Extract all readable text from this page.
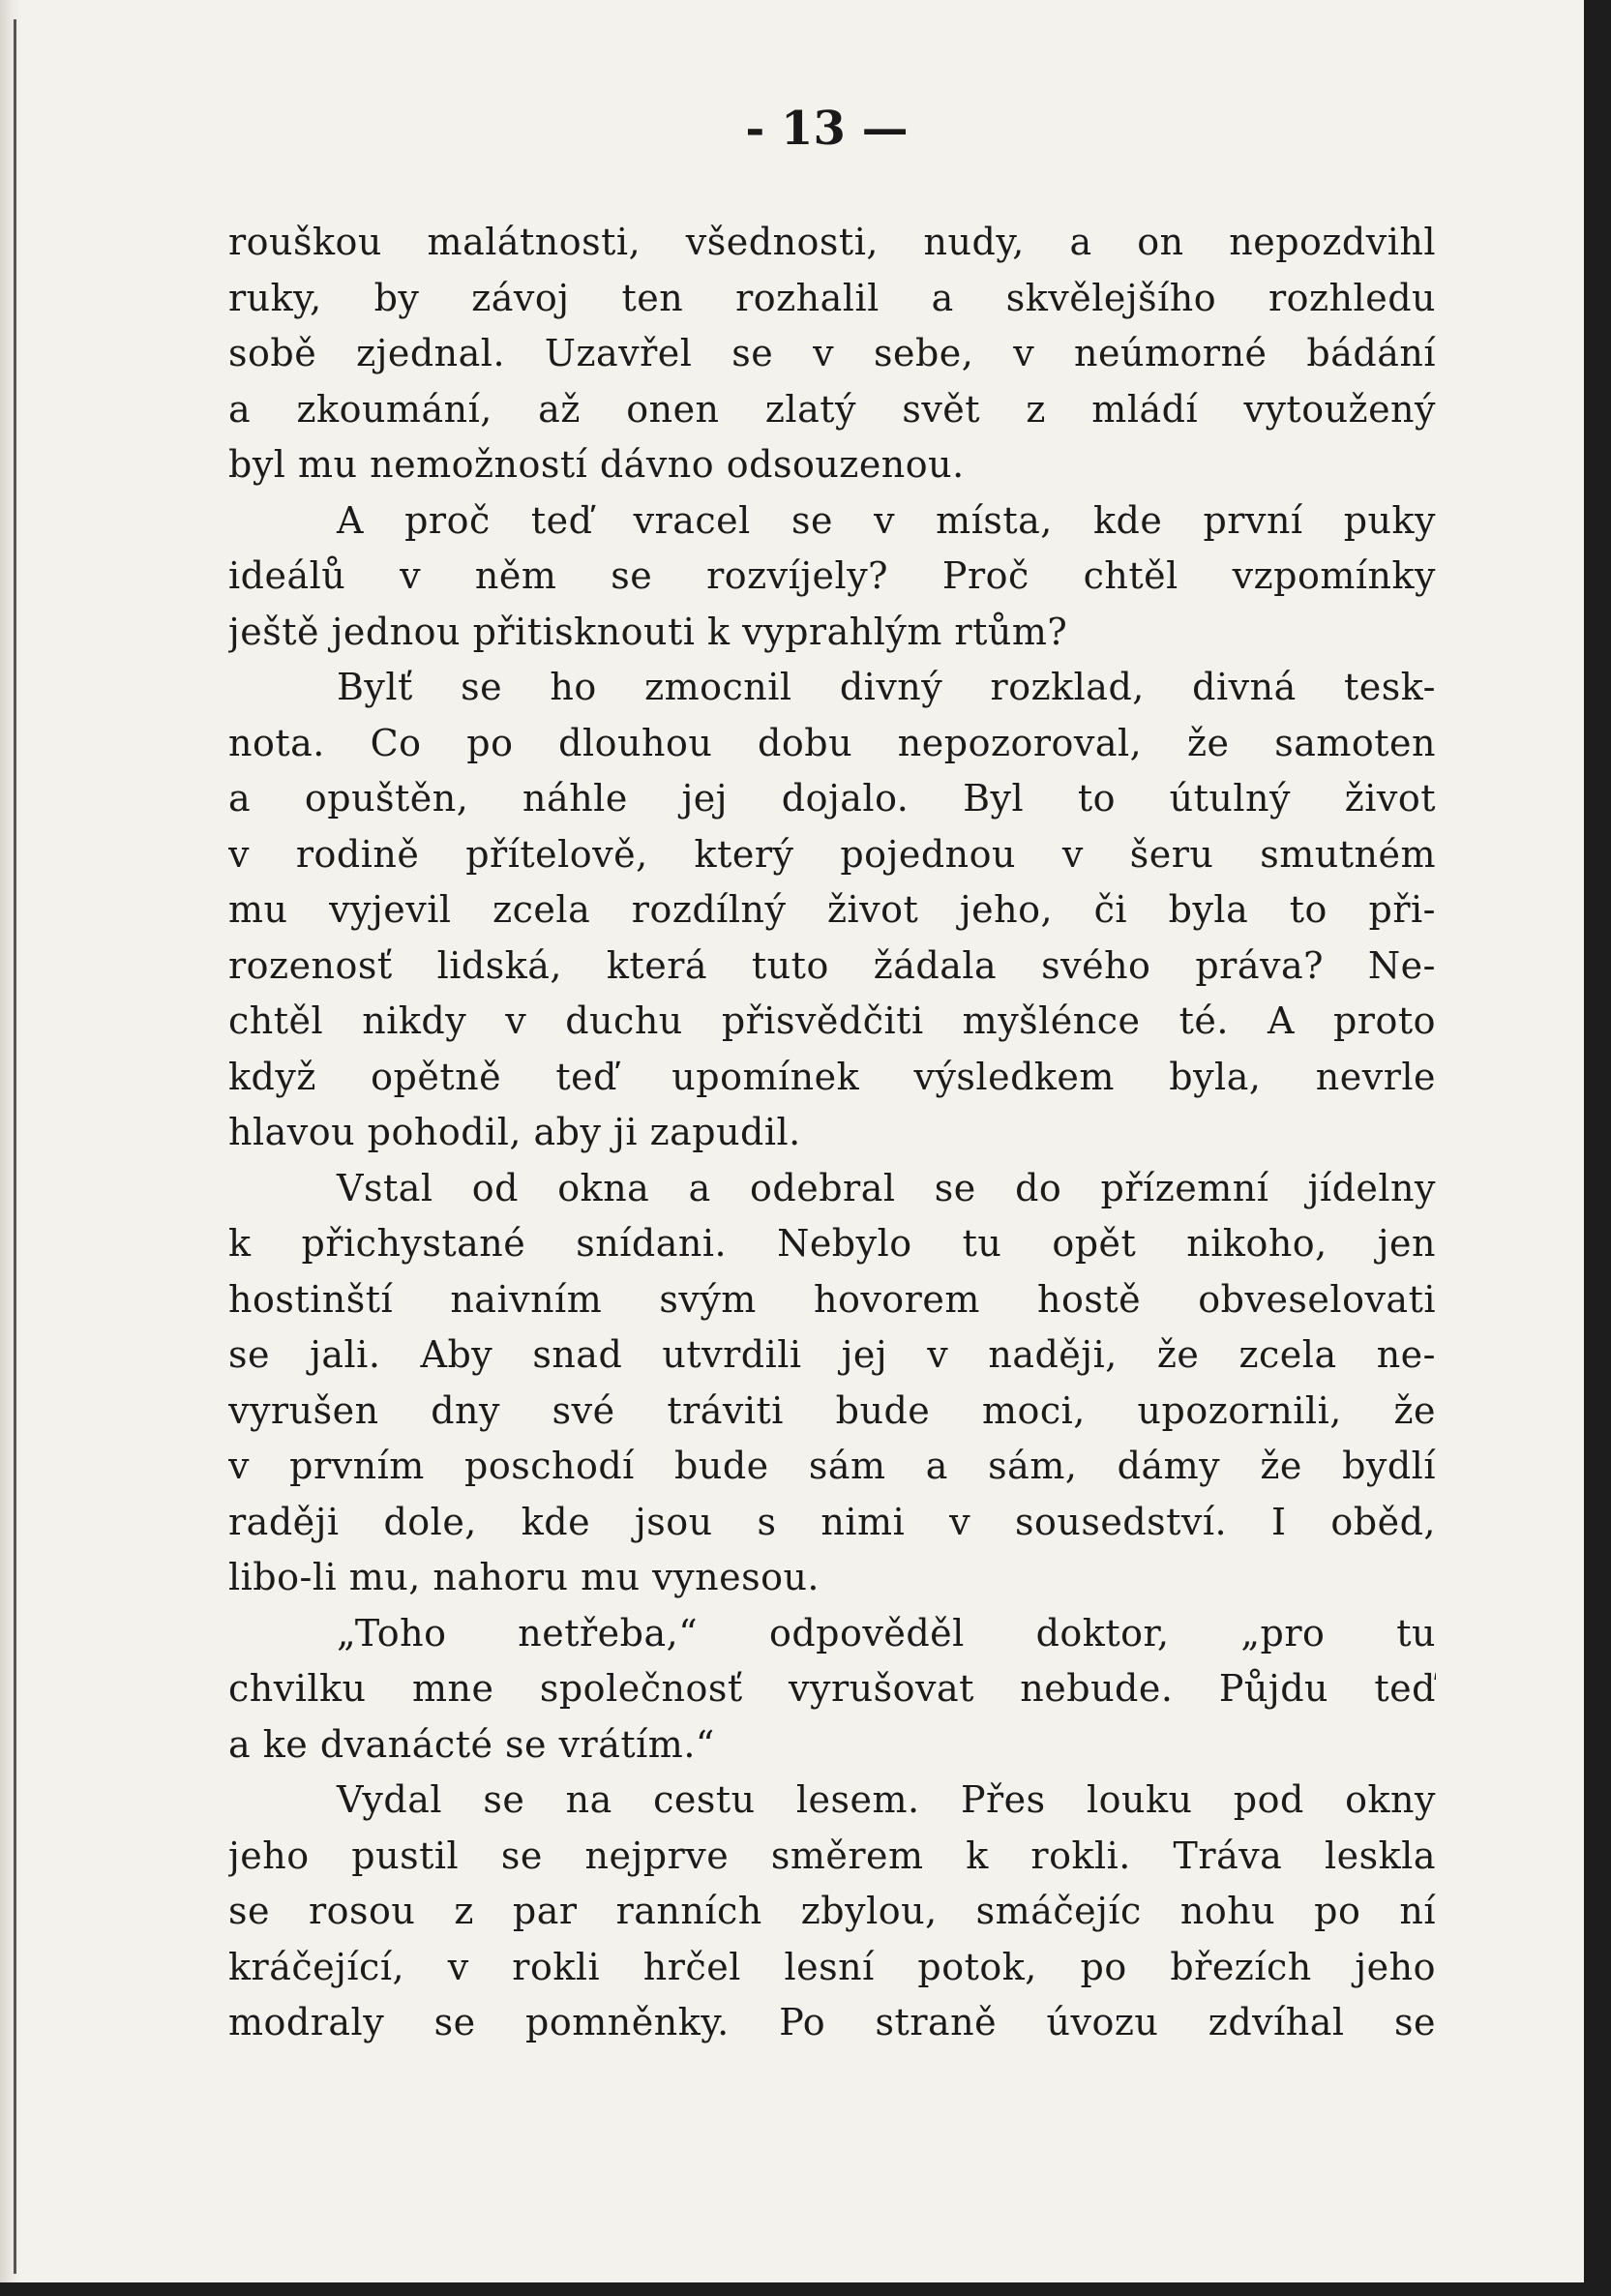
- 13 —
rouškou malátnosti, všednosti, nudy, a on nepozdvihl
ruky, by závoj ten rozhalil a skvělejšího rozhledu
sobě zjednal. Uzavřel se v sebe, v neúmorné bádání
a zkoumání, až onen zlatý svět z mládí vytoužený
byl mu nemožností dávno odsouzenou.
A proč teď vracel se v místa, kde první puky
ideálů v něm se rozvíjely? Proč chtěl vzpomínky
ještě jednou přitisknouti k vyprahlým rtům?
Bylť se ho zmocnil divný rozklad, divná tesk-
nota. Co po dlouhou dobu nepozoroval, že samoten
a opuštěn, náhle jej dojalo. Byl to útulný život
v rodině přítelově, který pojednou v šeru smutném
mu vyjevil zcela rozdílný život jeho, či byla to při-
rozenosť lidská, která tuto žádala svého práva? Ne-
chtěl nikdy v duchu přisvědčiti myšlénce té. A proto
když opětně teď upomínek výsledkem byla, nevrle
hlavou pohodil, aby ji zapudil.
Vstal od okna a odebral se do přízemní jídelny
k přichystané snídani. Nebylo tu opět nikoho, jen
hostinští naivním svým hovorem hostě obveselovati
se jali. Aby snad utvrdili jej v naději, že zcela ne-
vyrušen dny své tráviti bude moci, upozornili, že
v prvním poschodí bude sám a sám, dámy že bydlí
raději dole, kde jsou s nimi v sousedství. I oběd,
libo-li mu, nahoru mu vynesou.
„Toho netřeba,“ odpověděl doktor, „pro tu
chvilku mne společnosť vyrušovat nebude. Půjdu teď
a ke dvanácté se vrátím.“
Vydal se na cestu lesem. Přes louku pod okny
jeho pustil se nejprve směrem k rokli. Tráva leskla
se rosou z par ranních zbylou, smáčejíc nohu po ní
kráčející, v rokli hrčel lesní potok, po březích jeho
modraly se pomněnky. Po straně úvozu zdvíhal se
